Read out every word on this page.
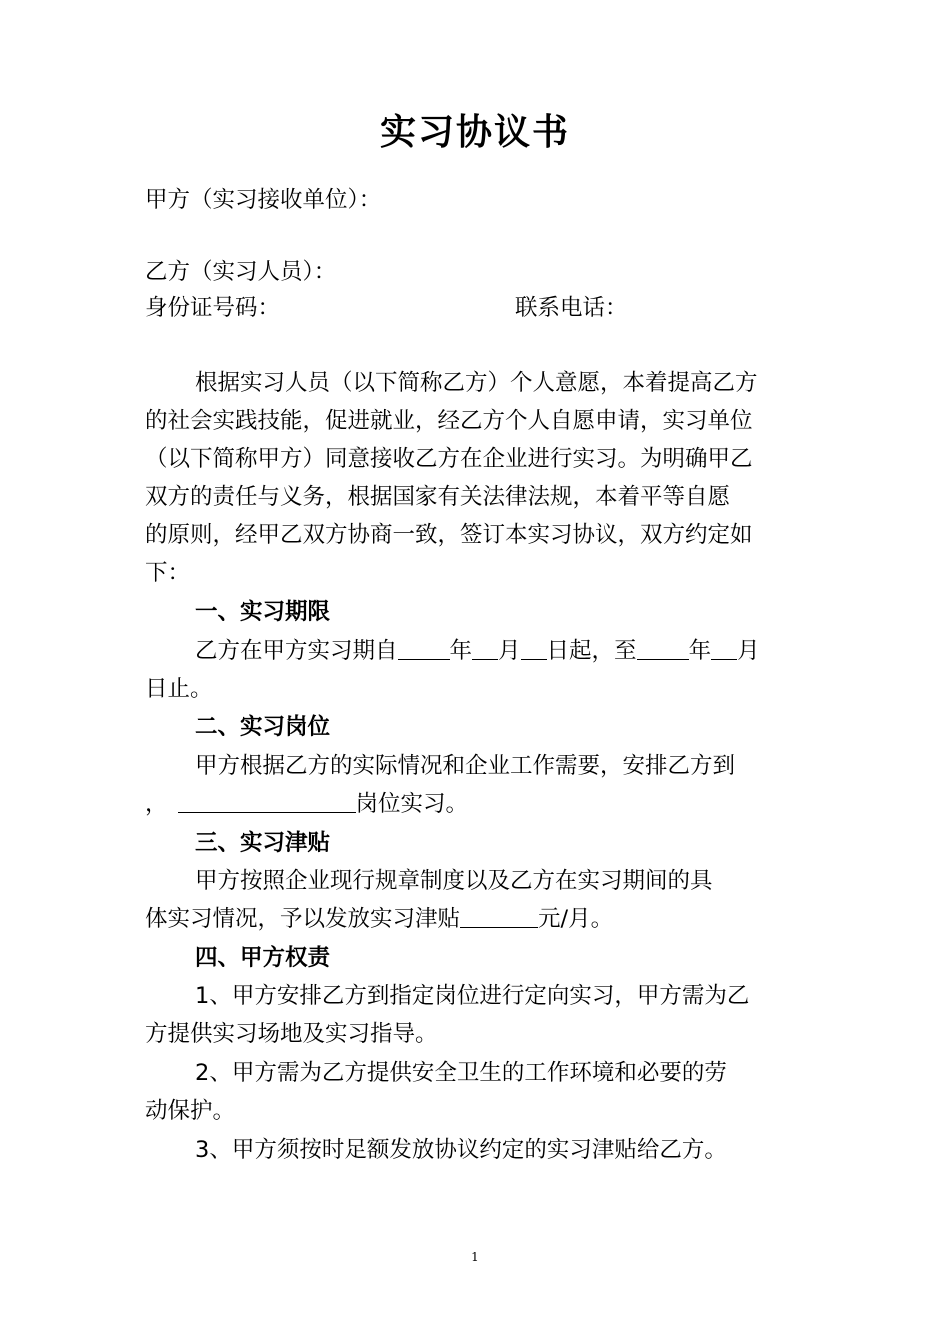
实习协议书
甲方（实习接收单位）：
乙方（实习人员）：
身份证号码：	联系电话：
根据实习人员（以下简称乙方）个人意愿，本着提高乙方
的社会实践技能，促进就业，经乙方个人自愿申请，实习单位
（以下简称甲方）同意接收乙方在企业进行实习。为明确甲乙
双方的责任与义务，根据国家有关法律法规，本着平等自愿
的原则，经甲乙双方协商一致，签订本实习协议，双方约定如
下：
一、实习期限
乙方在甲方实习期自 年 月 日起，至 年 月
日止。
二、实习岗位
甲方根据乙方的实际情况和企业工作需要，安排乙方到
，	岗位实习。
三、实习津贴
甲方按照企业现行规章制度以及乙方在实习期间的具
体实习情况，予以发放实习津贴	元/月。
四、甲方权责
1、甲方安排乙方到指定岗位进行定向实习，甲方需为乙
方提供实习场地及实习指导。
2、甲方需为乙方提供安全卫生的工作环境和必要的劳
动保护。
3、甲方须按时足额发放协议约定的实习津贴给乙方。
1
